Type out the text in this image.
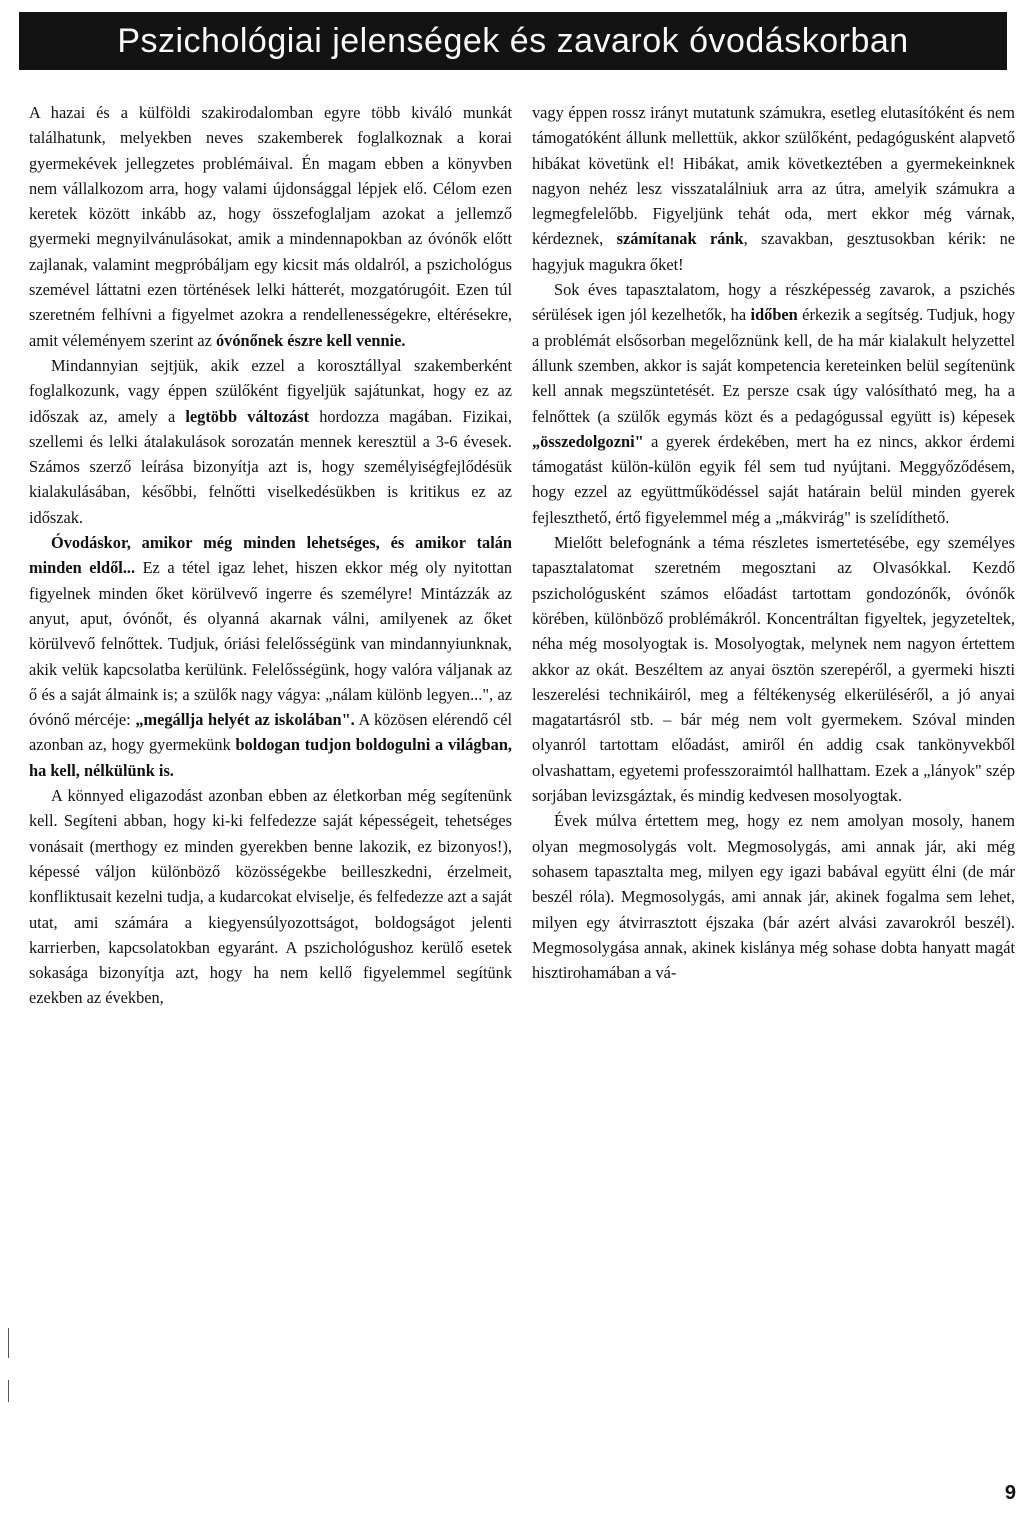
Pszichológiai jelenségek és zavarok óvodáskorban

A hazai és a külföldi szakirodalomban egyre több kiváló munkát találhatunk, melyekben neves szakemberek foglalkoznak a korai gyermekévek jellegzetes problémáival. Én magam ebben a könyvben nem vállalkozom arra, hogy valami újdonsággal lépjek elő. Célom ezen keretek között inkább az, hogy összefoglaljam azokat a jellemző gyermeki megnyilvánulásokat, amik a mindennapokban az óvónők előtt zajlanak, valamint megpróbáljam egy kicsit más oldalról, a pszichológus szemével láttatni ezen történések lelki hátterét, mozgatórugóit. Ezen túl szeretném felhívni a figyelmet azokra a rendellenességekre, eltérésekre, amit véleményem szerint az óvónőnek észre kell vennie.

Mindannyian sejtjük, akik ezzel a korosztállyal szakemberként foglalkozunk, vagy éppen szülőként figyeljük sajátunkat, hogy ez az időszak az, amely a legtöbb változást hordozza magában. Fizikai, szellemi és lelki átalakulások sorozatán mennek keresztül a 3-6 évesek. Számos szerző leírása bizonyítja azt is, hogy személyiségfejlődésük kialakulásában, későbbi, felnőtti viselkedésükben is kritikus ez az időszak.

Óvodáskor, amikor még minden lehetséges, és amikor talán minden eldől... Ez a tétel igaz lehet, hiszen ekkor még oly nyitottan figyelnek minden őket körülvevő ingerre és személyre! Mintázzák az anyut, aput, óvónőt, és olyanná akarnak válni, amilyenek az őket körülvevő felnőttek. Tudjuk, óriási felelősségünk van mindannyiunknak, akik velük kapcsolatba kerülünk. Felelősségünk, hogy valóra váljanak az ő és a saját álmaink is; a szülők nagy vágya: „nálam különb legyen...", az óvónő mércéje: „megállja helyét az iskolában". A közösen elérendő cél azonban az, hogy gyermekünk boldogan tudjon boldogulni a világban, ha kell, nélkülünk is.

A könnyed eligazodást azonban ebben az életkorban még segítenünk kell. Segíteni abban, hogy ki-ki felfedezze saját képességeit, tehetséges vonásait (merthogy ez minden gyerekben benne lakozik, ez bizonyos!), képessé váljon különböző közösségekbe beilleszkedni, érzelmeit, konfliktusait kezelni tudja, a kudarcokat elviselje, és felfedezze azt a saját utat, ami számára a kiegyensúlyozottságot, boldogságot jelenti karrierben, kapcsolatokban egyaránt. A pszichológushoz kerülő esetek sokasága bizonyítja azt, hogy ha nem kellő figyelemmel segítünk ezekben az években,

vagy éppen rossz irányt mutatunk számukra, esetleg elutasítóként és nem támogatóként állunk mellettük, akkor szülőként, pedagógusként alapvető hibákat követünk el! Hibákat, amik következtében a gyermekeinknek nagyon nehéz lesz visszatalálniuk arra az útra, amelyik számukra a legmegfelelőbb. Figyeljünk tehát oda, mert ekkor még várnak, kérdeznek, számítanak ránk, szavakban, gesztusokban kérik: ne hagyjuk magukra őket!

Sok éves tapasztalatom, hogy a részképesség zavarok, a pszichés sérülések igen jól kezelhetők, ha időben érkezik a segítség. Tudjuk, hogy a problémát elsősorban megelőznünk kell, de ha már kialakult helyzettel állunk szemben, akkor is saját kompetencia kereteinken belül segítenünk kell annak megszüntetését. Ez persze csak úgy valósítható meg, ha a felnőttek (a szülők egymás közt és a pedagógussal együtt is) képesek „összedolgozni" a gyerek érdekében, mert ha ez nincs, akkor érdemi támogatást külön-külön egyik fél sem tud nyújtani. Meggyőződésem, hogy ezzel az együttműködéssel saját határain belül minden gyerek fejleszthető, értő figyelemmel még a „mákvirág" is szelídíthető.

Mielőtt belefognánk a téma részletes ismertetésébe, egy személyes tapasztalatomat szeretném megosztani az Olvasókkal. Kezdő pszichológusként számos előadást tartottam gondozónők, óvónők körében, különböző problémákról. Koncentráltan figyeltek, jegyzeteltek, néha még mosolyogtak is. Mosolyogtak, melynek nem nagyon értettem akkor az okát. Beszéltem az anyai ösztön szerepéről, a gyermeki hiszti leszerelési technikáiról, meg a féltékenység elkerüléséről, a jó anyai magatartásról stb. – bár még nem volt gyermekem. Szóval minden olyanról tartottam előadást, amiről én addig csak tankönyvekből olvashattam, egyetemi professzoraimtól hallhattam. Ezek a „lányok" szép sorjában levizsgáztak, és mindig kedvesen mosolyogtak.

Évek múlva értettem meg, hogy ez nem amolyan mosoly, hanem olyan megmosolygás volt. Megmosolygás, ami annak jár, aki még sohasem tapasztalta meg, milyen egy igazi babával együtt élni (de már beszél róla). Megmosolygás, ami annak jár, akinek fogalma sem lehet, milyen egy átvirrasztott éjszaka (bár azért alvási zavarokról beszél). Megmosolygása annak, akinek kislánya még sohase dobta hanyatt magát hisztirohamában a vá-

9
